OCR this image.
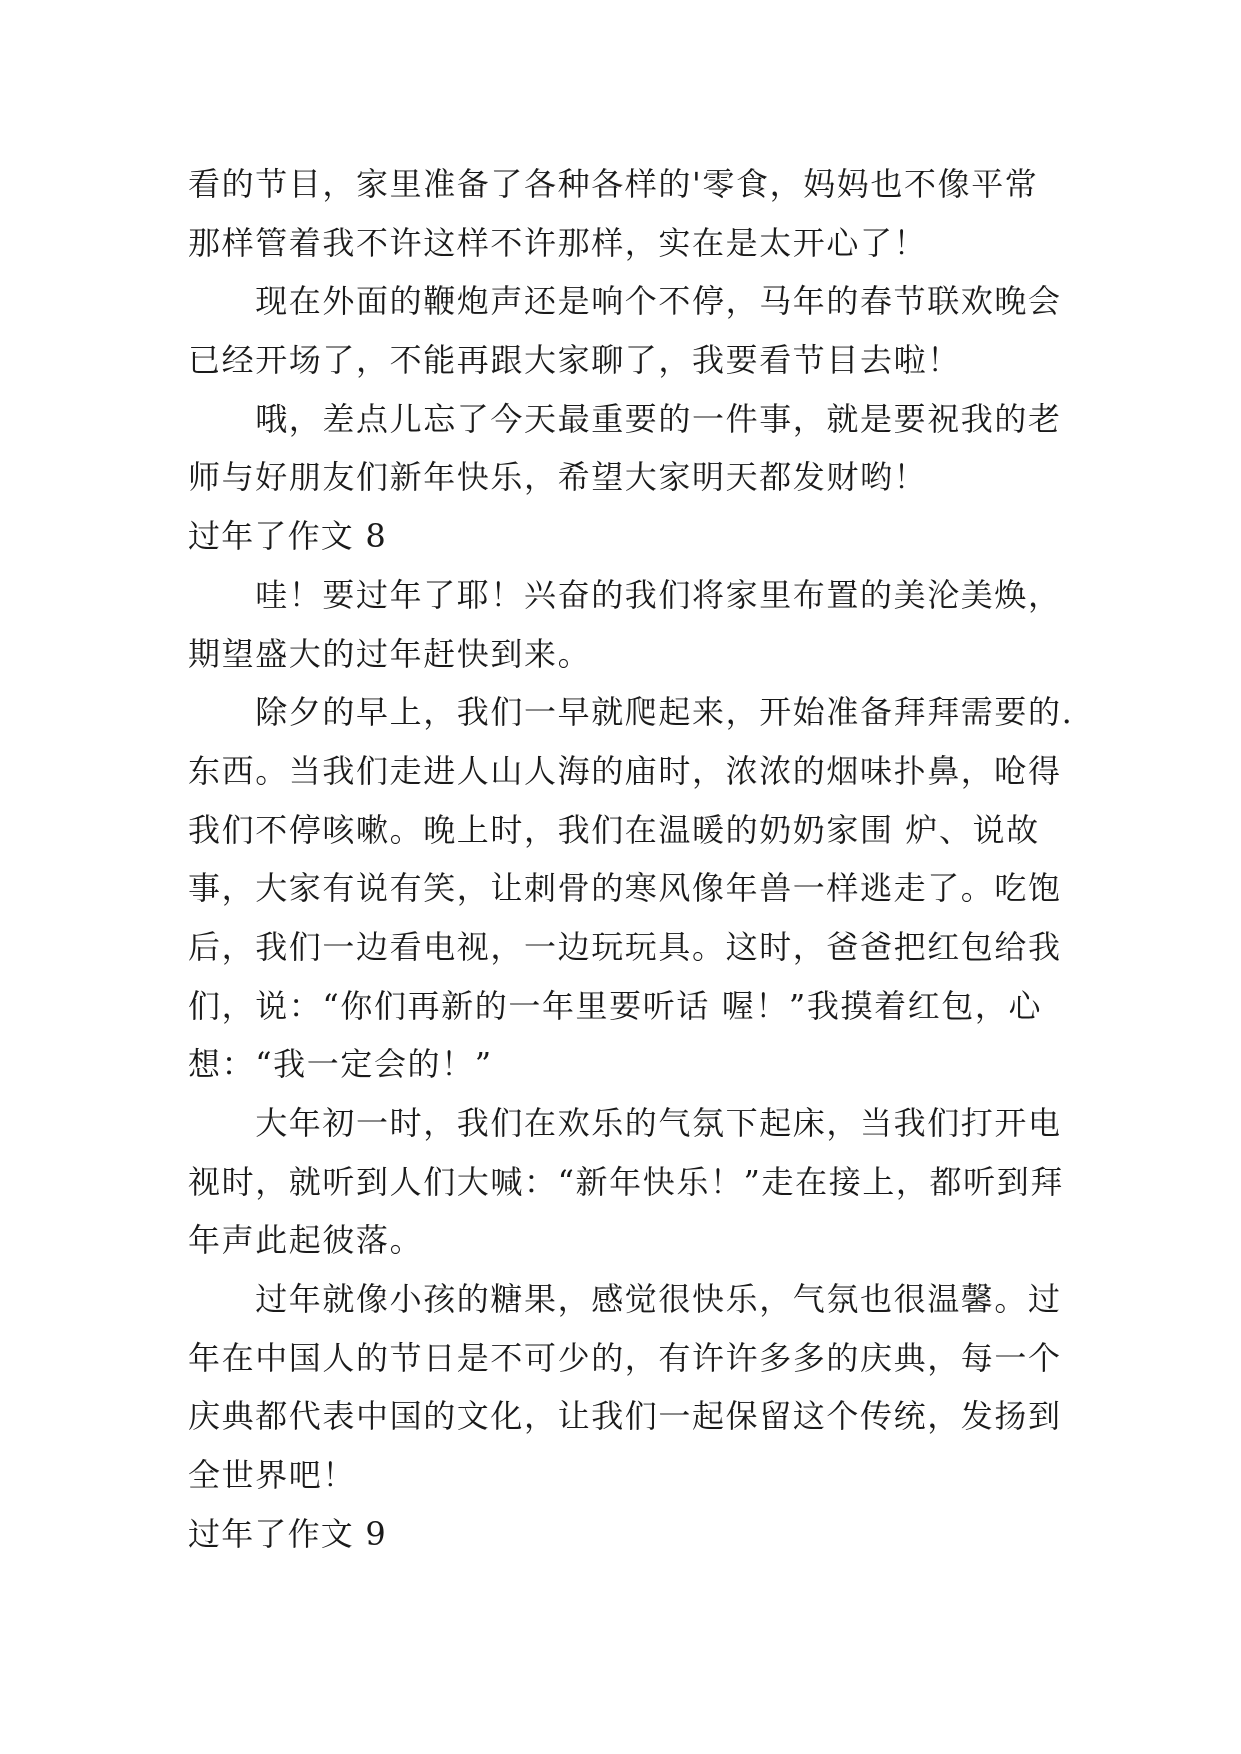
看的节目，家里准备了各种各样的'零食，妈妈也不像平常
那样管着我不许这样不许那样，实在是太开心了！
　　现在外面的鞭炮声还是响个不停，马年的春节联欢晚会
已经开场了，不能再跟大家聊了，我要看节目去啦！
　　哦，差点儿忘了今天最重要的一件事，就是要祝我的老
师与好朋友们新年快乐，希望大家明天都发财哟！
过年了作文 8
　　哇！要过年了耶！兴奋的我们将家里布置的美沦美焕，
期望盛大的过年赶快到来。
　　除夕的早上，我们一早就爬起来，开始准备拜拜需要的.
东西。当我们走进人山人海的庙时，浓浓的烟味扑鼻，呛得
我们不停咳嗽。晚上时，我们在温暖的奶奶家围 炉、说故
事，大家有说有笑，让刺骨的寒风像年兽一样逃走了。吃饱
后，我们一边看电视，一边玩玩具。这时，爸爸把红包给我
们，说：“你们再新的一年里要听话 喔！”我摸着红包，心
想：“我一定会的！”
　　大年初一时，我们在欢乐的气氛下起床，当我们打开电
视时，就听到人们大喊：“新年快乐！”走在接上，都听到拜
年声此起彼落。
　　过年就像小孩的糖果，感觉很快乐，气氛也很温馨。过
年在中国人的节日是不可少的，有许许多多的庆典，每一个
庆典都代表中国的文化，让我们一起保留这个传统，发扬到
全世界吧！
过年了作文 9
